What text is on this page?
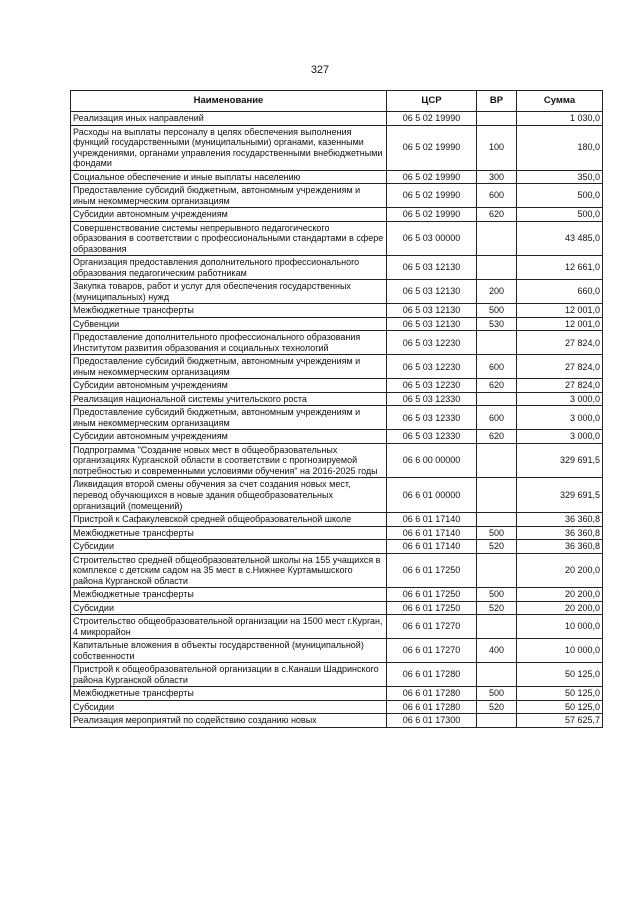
327
Наименование	ЦСР	ВР	Сумма
Реализация иных направлений	06 5 02 19990		1 030,0
Расходы на выплаты персоналу в целях обеспечения выполнения функций государственными (муниципальными) органами, казенными учреждениями, органами управления государственными внебюджетными фондами	06 5 02 19990	100	180,0
Социальное обеспечение и иные выплаты населению	06 5 02 19990	300	350,0
Предоставление субсидий бюджетным, автономным учреждениям и иным некоммерческим организациям	06 5 02 19990	600	500,0
Субсидии автономным учреждениям	06 5 02 19990	620	500,0
Совершенствование системы непрерывного педагогического образования в соответствии с профессиональными стандартами в сфере образования	06 5 03 00000		43 485,0
Организация предоставления дополнительного профессионального образования педагогическим работникам	06 5 03 12130		12 661,0
Закупка товаров, работ и услуг для обеспечения государственных (муниципальных) нужд	06 5 03 12130	200	660,0
Межбюджетные трансферты	06 5 03 12130	500	12 001,0
Субвенции	06 5 03 12130	530	12 001,0
Предоставление дополнительного профессионального образования Институтом развития образования и социальных технологий	06 5 03 12230		27 824,0
Предоставление субсидий бюджетным, автономным учреждениям и иным некоммерческим организациям	06 5 03 12230	600	27 824,0
Субсидии автономным учреждениям	06 5 03 12230	620	27 824,0
Реализация национальной системы учительского роста	06 5 03 12330		3 000,0
Предоставление субсидий бюджетным, автономным учреждениям и иным некоммерческим организациям	06 5 03 12330	600	3 000,0
Субсидии автономным учреждениям	06 5 03 12330	620	3 000,0
Подпрограмма "Создание новых мест в общеобразовательных организациях Курганской области в соответствии с прогнозируемой потребностью и современными условиями обучения" на 2016-2025 годы	06 6 00 00000		329 691,5
Ликвидация второй смены обучения за счет создания новых мест, перевод обучающихся в новые здания общеобразовательных организаций (помещений)	06 6 01 00000		329 691,5
Пристрой к Сафакулевской средней общеобразовательной школе	06 6 01 17140		36 360,8
Межбюджетные трансферты	06 6 01 17140	500	36 360,8
Субсидии	06 6 01 17140	520	36 360,8
Строительство средней общеобразовательной школы на 155 учащихся в комплексе с детским садом на 35 мест в с.Нижнее Куртамышского района Курганской области	06 6 01 17250		20 200,0
Межбюджетные трансферты	06 6 01 17250	500	20 200,0
Субсидии	06 6 01 17250	520	20 200,0
Строительство общеобразовательной организации на 1500 мест г.Курган, 4 микрорайон	06 6 01 17270		10 000,0
Капитальные вложения в объекты государственной (муниципальной) собственности	06 6 01 17270	400	10 000,0
Пристрой к общеобразовательной организации в с.Канаши Шадринского района Курганской области	06 6 01 17280		50 125,0
Межбюджетные трансферты	06 6 01 17280	500	50 125,0
Субсидии	06 6 01 17280	520	50 125,0
Реализация мероприятий по содействию созданию новых	06 6 01 17300		57 625,7
